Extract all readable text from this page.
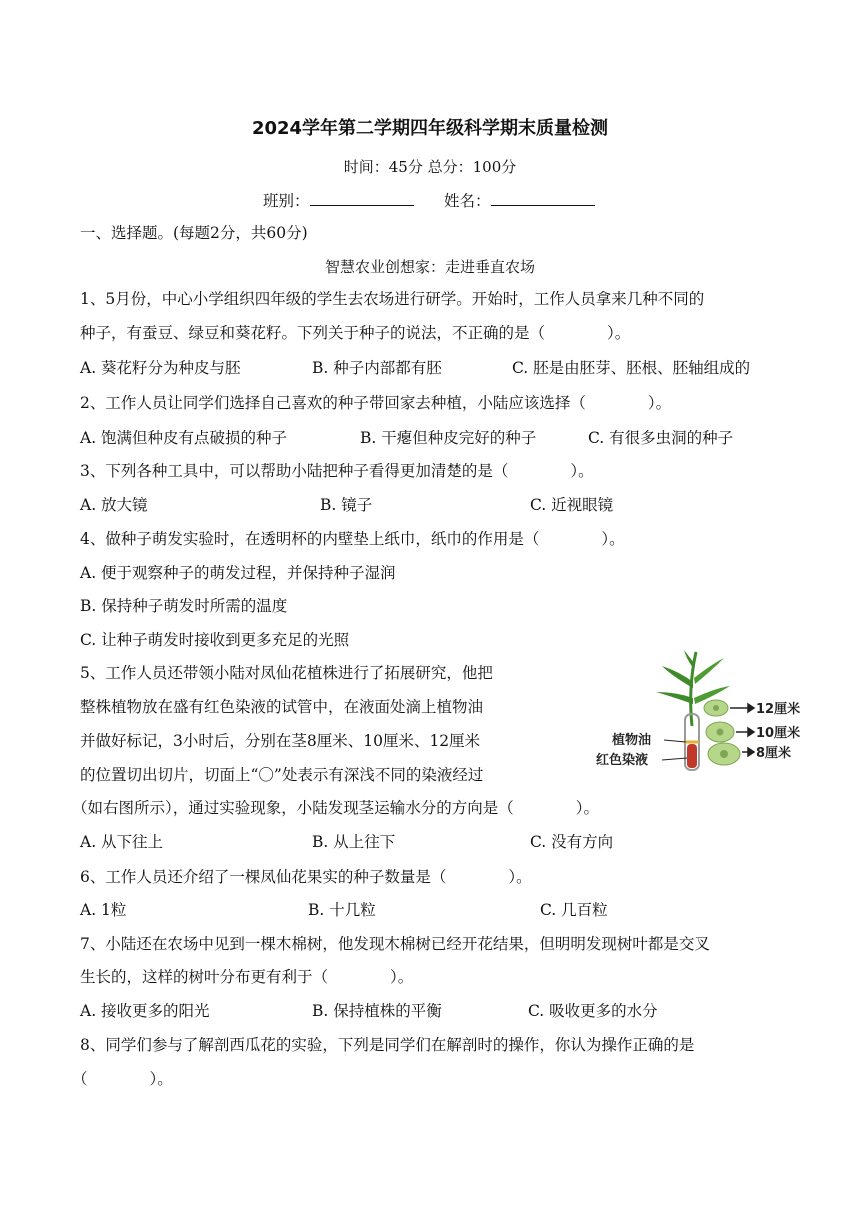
2024学年第二学期四年级科学期末质量检测
时间：45分 总分：100分
班别：	姓名：
一、选择题。(每题2分，共60分)
智慧农业创想家：走进垂直农场
1、5月份，中心小学组织四年级的学生去农场进行研学。开始时，工作人员拿来几种不同的
种子，有蚕豆、绿豆和葵花籽。下列关于种子的说法，不正确的是（　　　　）。
A. 葵花籽分为种皮与胚	B. 种子内部都有胚	C. 胚是由胚芽、胚根、胚轴组成的
2、工作人员让同学们选择自己喜欢的种子带回家去种植，小陆应该选择（　　　　）。
A. 饱满但种皮有点破损的种子	B. 干瘪但种皮完好的种子	C. 有很多虫洞的种子
3、下列各种工具中，可以帮助小陆把种子看得更加清楚的是（　　　　）。
A. 放大镜	B. 镜子	C. 近视眼镜
4、做种子萌发实验时，在透明杯的内壁垫上纸巾，纸巾的作用是（　　　　）。
A. 便于观察种子的萌发过程，并保持种子湿润
B. 保持种子萌发时所需的温度
C. 让种子萌发时接收到更多充足的光照
5、工作人员还带领小陆对凤仙花植株进行了拓展研究，他把
整株植物放在盛有红色染液的试管中，在液面处滴上植物油
并做好标记，3小时后，分别在茎8厘米、10厘米、12厘米
的位置切出切片，切面上“〇”处表示有深浅不同的染液经过
（如右图所示），通过实验现象，小陆发现茎运输水分的方向是（　　　　）。
A. 从下往上	B. 从上往下	C. 没有方向
12厘米
10厘米
8厘米
植物油
红色染液
6、工作人员还介绍了一棵凤仙花果实的种子数量是（　　　　）。
A. 1粒	B. 十几粒	C. 几百粒
7、小陆还在农场中见到一棵木棉树，他发现木棉树已经开花结果，但明明发现树叶都是交叉
生长的，这样的树叶分布更有利于（　　　　）。
A. 接收更多的阳光	B. 保持植株的平衡	C. 吸收更多的水分
8、同学们参与了解剖西瓜花的实验，下列是同学们在解剖时的操作，你认为操作正确的是
（　　　　）。
